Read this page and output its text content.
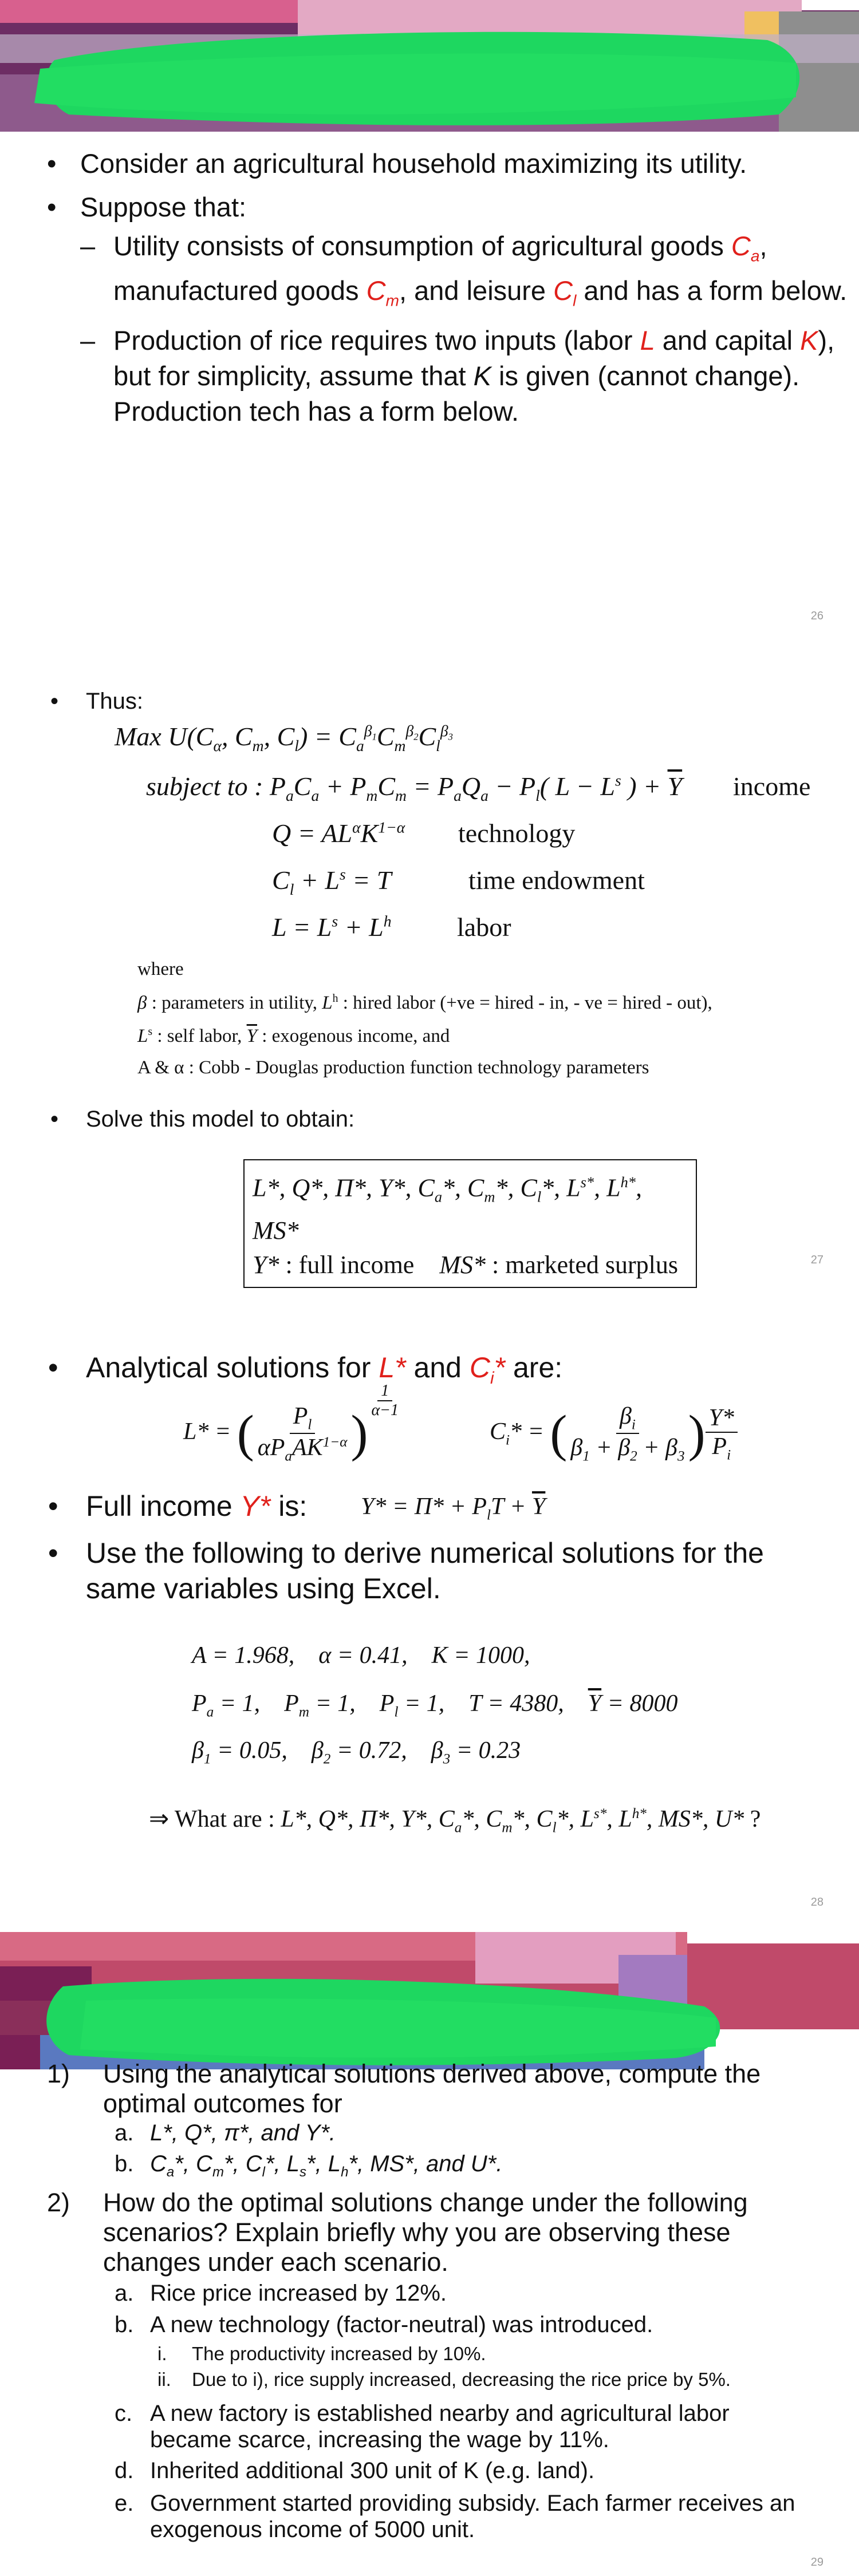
• Consider an agricultural household maximizing its utility.
• Suppose that:
– Utility consists of consumption of agricultural goods $C_a$, manufactured goods $C_m$, and leisure $C_l$ and has a form below.
– Production of rice requires two inputs (labor L and capital K), but for simplicity, assume that K is given (cannot change). Production tech has a form below.
26
• Thus:
Max $U(C_\alpha$, $C_m$, $C_l) = C_a^{\beta_1}C_m^{\beta_2}C_l^{\beta_3}$
subject to : $P_aC_a + P_mC_m = P_aQ_a - P_l$( $L - L^s$ ) + $\overline{Y}$ income
$Q = AL^\alpha K^{1-\alpha}$ technology
$C_l + L^s = T$	time endowment
$L = L^s + L^h$ labor
where
β : parameters in utility, $L^h$ : hired labor (+ve = hired - in, - ve = hired - out),
$L^s$ : self labor, $\overline{Y}$ : exogenous income, and
A & α : Cobb - Douglas production function technology parameters
• Solve this model to obtain:
L*, Q*, Π*, Y*, $C_a*$, $C_m*$, $C_l*$, $L^{s*}$, $L^{h*}$, MS*
Y* : full income    MS* : marketed surplus	27
• Analytical solutions for L* and $C_i*$ are:
L* = ( $\frac{P_l}{\alpha P_aAK^{1-\alpha}}$ )
$^{\frac{1}{\alpha-1}}$
$C_i*$ = ( $\frac{\beta_i}{\beta_1 + \beta_2 + \beta_3}$ ) $\frac{Y*}{P_i}$
• Full income Y* is: $Y* = \Pi* + P_lT + \overline{Y}$
• Use the following to derive numerical solutions for the same variables using Excel.
A = 1.968,    α = 0.41,    K = 1000,
$P_a = 1$,    $P_m = 1$,    $P_l = 1$,    T = 4380,    $\overline{Y} = 8000$
$\beta_1 = 0.05$,    $\beta_2 = 0.72$,    $\beta_3 = 0.23$
⇒ What are : L*, Q*, Π*, Y*, $C_a*$, $C_m*$, $C_l*$, $L^{s*}$, $L^{h*}$, MS*, U* ?
28
1) Using the analytical solutions derived above, compute the optimal outcomes for
a. L*, Q*, π*, and Y*.
b. $C_a*$, $C_m*$, $C_l*$, $L_s*$, $L_h*$, MS*, and U*.
2) How do the optimal solutions change under the following scenarios? Explain briefly why you are observing these changes under each scenario.
a. Rice price increased by 12%.
b. A new technology (factor-neutral) was introduced.
i. The productivity increased by 10%.
ii. Due to i), rice supply increased, decreasing the rice price by 5%.
c. A new factory is established nearby and agricultural labor became scarce, increasing the wage by 11%.
d. Inherited additional 300 unit of K (e.g. land).
e. Government started providing subsidy. Each farmer receives an exogenous income of 5000 unit.
29
